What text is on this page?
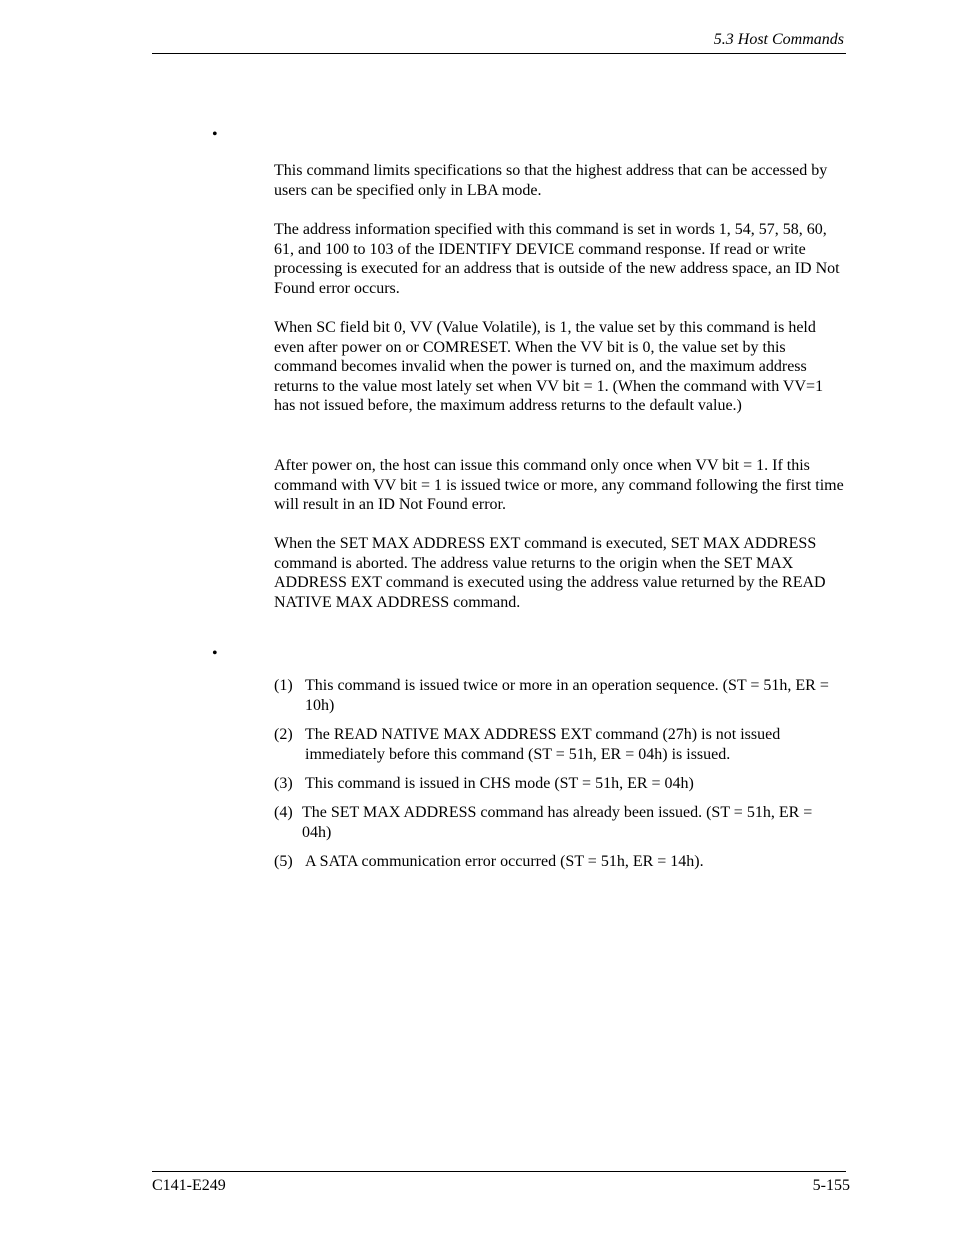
5.3 Host Commands
•

This command limits specifications so that the highest address that can be accessed by users can be specified only in LBA mode.

The address information specified with this command is set in words 1, 54, 57, 58, 60, 61, and 100 to 103 of the IDENTIFY DEVICE command response. If read or write processing is executed for an address that is outside of the new address space, an ID Not Found error occurs.

When SC field bit 0, VV (Value Volatile), is 1, the value set by this command is held even after power on or COMRESET. When the VV bit is 0, the value set by this command becomes invalid when the power is turned on, and the maximum address returns to the value most lately set when VV bit = 1. (When the command with VV=1 has not issued before, the maximum address returns to the default value.)

After power on, the host can issue this command only once when VV bit = 1. If this command with VV bit = 1 is issued twice or more, any command following the first time will result in an ID Not Found error.

When the SET MAX ADDRESS EXT command is executed, SET MAX ADDRESS command is aborted. The address value returns to the origin when the SET MAX ADDRESS EXT command is executed using the address value returned by the READ NATIVE MAX ADDRESS command.

•
(1) This command is issued twice or more in an operation sequence. (ST = 51h, ER = 10h)
(2) The READ NATIVE MAX ADDRESS EXT command (27h) is not issued immediately before this command (ST = 51h, ER = 04h) is issued.
(3) This command is issued in CHS mode (ST = 51h, ER = 04h)
(4) The SET MAX ADDRESS command has already been issued. (ST = 51h, ER = 04h)
(5) A SATA communication error occurred (ST = 51h, ER = 14h).
C141-E249	5-155
